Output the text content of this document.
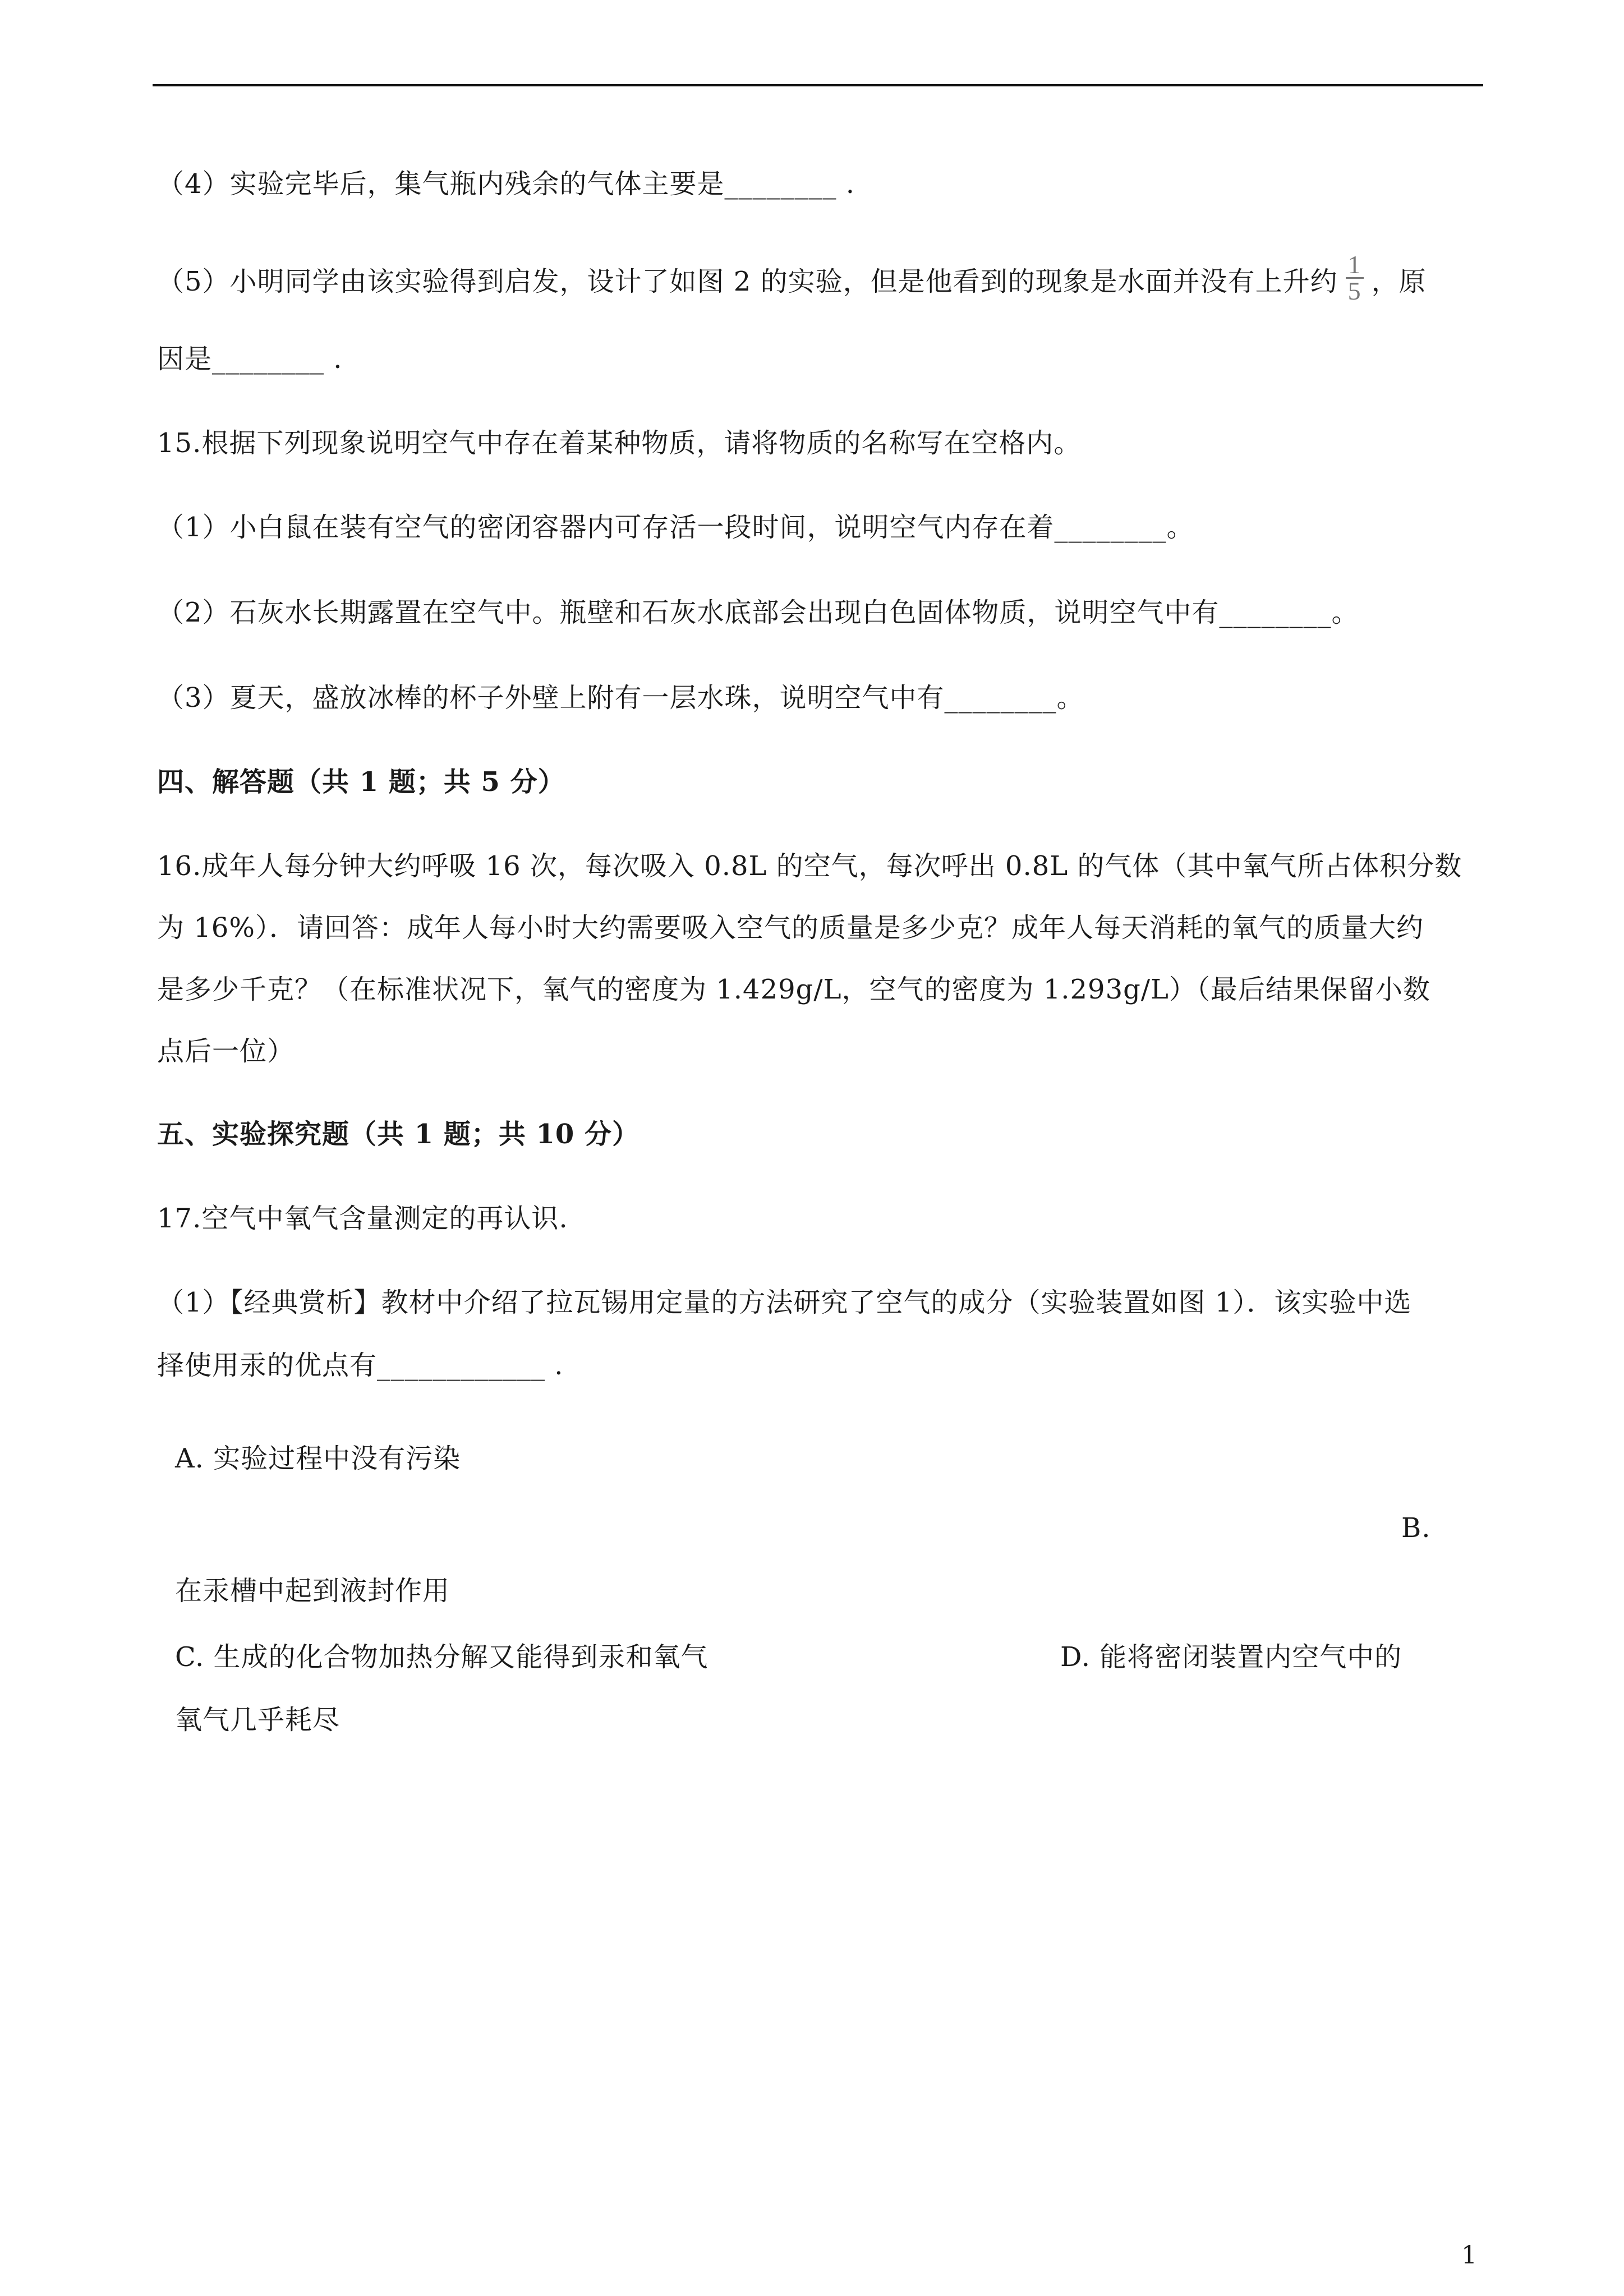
（4）实验完毕后，集气瓶内残余的气体主要是________ .
（5）小明同学由该实验得到启发，设计了如图 2 的实验，但是他看到的现象是水面并没有上升约 $\frac{1}{5}$ ，原
因是________ .
15.根据下列现象说明空气中存在着某种物质，请将物质的名称写在空格内。
（1）小白鼠在装有空气的密闭容器内可存活一段时间，说明空气内存在着________。
（2）石灰水长期露置在空气中。瓶壁和石灰水底部会出现白色固体物质，说明空气中有________。
（3）夏天，盛放冰棒的杯子外壁上附有一层水珠，说明空气中有________。
四、解答题（共 1 题；共 5 分）
16.成年人每分钟大约呼吸 16 次，每次吸入 0.8L 的空气，每次呼出 0.8L 的气体（其中氧气所占体积分数
为 16%）．请回答：成年人每小时大约需要吸入空气的质量是多少克？成年人每天消耗的氧气的质量大约
是多少千克？（在标准状况下，氧气的密度为 1.429g/L，空气的密度为 1.293g/L）（最后结果保留小数
点后一位）
五、实验探究题（共 1 题；共 10 分）
17.空气中氧气含量测定的再认识.
（1）【经典赏析】教材中介绍了拉瓦锡用定量的方法研究了空气的成分（实验装置如图 1）．该实验中选
择使用汞的优点有____________ .
A. 实验过程中没有污染
B.
在汞槽中起到液封作用
C. 生成的化合物加热分解又能得到汞和氧气	D. 能将密闭装置内空气中的
氧气几乎耗尽
1
